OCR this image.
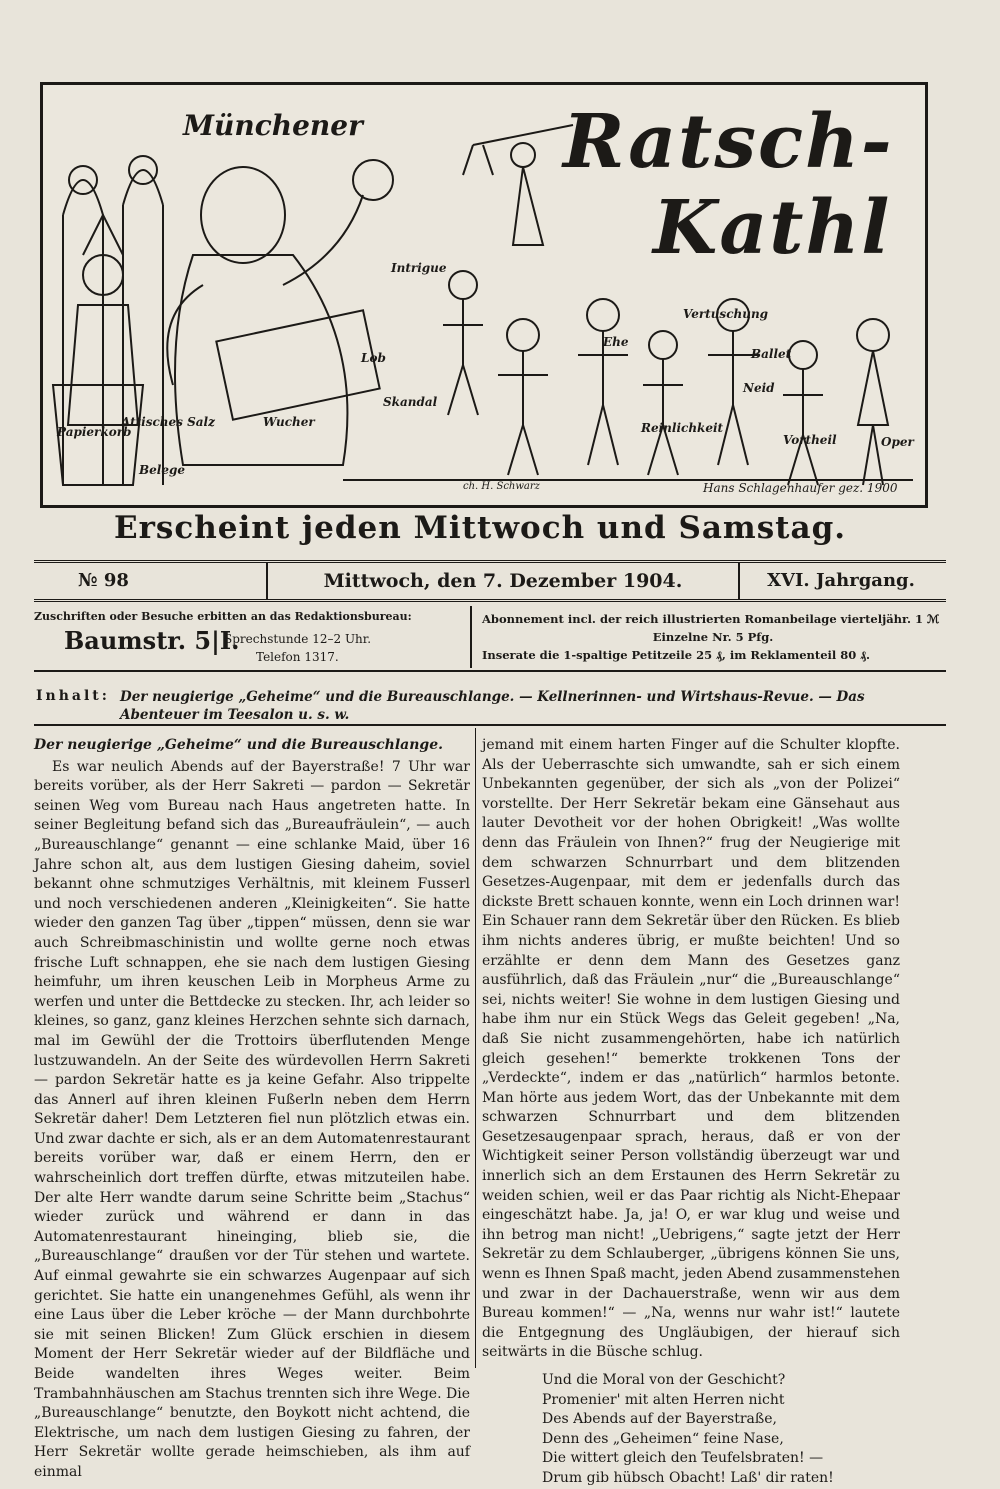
Münchener	Ratsch-
Kathl
Hans Schlagenhaufer gez. 1900
ch. H. Schwarz
Papierkorb
Attisches Salz
Belege
Wucher
Vertuschung
Ballet
Ehe
Reinlichkeit
Neid
Vortheil	Oper
Lob
Intrigue
Skandal
Erscheint jeden Mittwoch und Samstag.
№ 98	Mittwoch, den 7. Dezember 1904.	XVI. Jahrgang.
Zuschriften oder Besuche erbitten an das Redaktionsbureau:
Baumstr. 5|I.
Sprechstunde 12–2 Uhr.
Telefon 1317.
Abonnement incl. der reich illustrierten Romanbeilage vierteljähr. 1 ℳ
Einzelne Nr. 5 Pfg.
Inserate die 1-spaltige Petitzeile 25 ₰, im Reklamenteil 80 ₰.
Inhalt: Der neugierige „Geheime“ und die Bureauschlange. — Kellnerinnen- und Wirtshaus-Revue. — Das Abenteuer im Teesalon u. s. w.
Der neugierige „Geheime“ und die Bureauschlange.

Es war neulich Abends auf der Bayerstraße! 7 Uhr war bereits vorüber, als der Herr Sakreti — pardon — Sekretär seinen Weg vom Bureau nach Haus angetreten hatte. In seiner Begleitung befand sich das „Bureaufräulein“, — auch „Bureauschlange“ genannt — eine schlanke Maid, über 16 Jahre schon alt, aus dem lustigen Giesing daheim, soviel bekannt ohne schmutziges Verhältnis, mit kleinem Fusserl und noch verschiedenen anderen „Kleinigkeiten“. Sie hatte wieder den ganzen Tag über „tippen“ müssen, denn sie war auch Schreibmaschinistin und wollte gerne noch etwas frische Luft schnappen, ehe sie nach dem lustigen Giesing heimfuhr, um ihren keuschen Leib in Morpheus Arme zu werfen und unter die Bettdecke zu stecken. Ihr, ach leider so kleines, so ganz, ganz kleines Herzchen sehnte sich darnach, mal im Gewühl der die Trottoirs überflutenden Menge lustzuwandeln. An der Seite des würdevollen Herrn Sakreti — pardon Sekretär hatte es ja keine Gefahr. Also trippelte das Annerl auf ihren kleinen Fußerln neben dem Herrn Sekretär daher! Dem Letzteren fiel nun plötzlich etwas ein. Und zwar dachte er sich, als er an dem Automatenrestaurant bereits vorüber war, daß er einem Herrn, den er wahrscheinlich dort treffen dürfte, etwas mitzuteilen habe. Der alte Herr wandte darum seine Schritte beim „Stachus“ wieder zurück und während er dann in das Automatenrestaurant hineinging, blieb sie, die „Bureauschlange“ draußen vor der Tür stehen und wartete. Auf einmal gewahrte sie ein schwarzes Augenpaar auf sich gerichtet. Sie hatte ein unangenehmes Gefühl, als wenn ihr eine Laus über die Leber kröche — der Mann durchbohrte sie mit seinen Blicken! Zum Glück erschien in diesem Moment der Herr Sekretär wieder auf der Bildfläche und Beide wandelten ihres Weges weiter. Beim Trambahnhäuschen am Stachus trennten sich ihre Wege. Die „Bureauschlange“ benutzte, den Boykott nicht achtend, die Elektrische, um nach dem lustigen Giesing zu fahren, der Herr Sekretär wollte gerade heimschieben, als ihm auf einmal

jemand mit einem harten Finger auf die Schulter klopfte. Als der Ueberraschte sich umwandte, sah er sich einem Unbekannten gegenüber, der sich als „von der Polizei“ vorstellte. Der Herr Sekretär bekam eine Gänsehaut aus lauter Devotheit vor der hohen Obrigkeit! „Was wollte denn das Fräulein von Ihnen?“ frug der Neugierige mit dem schwarzen Schnurrbart und dem blitzenden Gesetzes-Augenpaar, mit dem er jedenfalls durch das dickste Brett schauen konnte, wenn ein Loch drinnen war! Ein Schauer rann dem Sekretär über den Rücken. Es blieb ihm nichts anderes übrig, er mußte beichten! Und so erzählte er denn dem Mann des Gesetzes ganz ausführlich, daß das Fräulein „nur“ die „Bureauschlange“ sei, nichts weiter! Sie wohne in dem lustigen Giesing und habe ihm nur ein Stück Wegs das Geleit gegeben! „Na, daß Sie nicht zusammengehörten, habe ich natürlich gleich gesehen!“ bemerkte trokkenen Tons der „Verdeckte“, indem er das „natürlich“ harmlos betonte. Man hörte aus jedem Wort, das der Unbekannte mit dem schwarzen Schnurrbart und dem blitzenden Gesetzesaugenpaar sprach, heraus, daß er von der Wichtigkeit seiner Person vollständig überzeugt war und innerlich sich an dem Erstaunen des Herrn Sekretär zu weiden schien, weil er das Paar richtig als Nicht-Ehepaar eingeschätzt habe. Ja, ja! O, er war klug und weise und ihn betrog man nicht! „Uebrigens,“ sagte jetzt der Herr Sekretär zu dem Schlauberger, „übrigens können Sie uns, wenn es Ihnen Spaß macht, jeden Abend zusammenstehen und zwar in der Dachauerstraße, wenn wir aus dem Bureau kommen!“ — „Na, wenns nur wahr ist!“ lautete die Entgegnung des Ungläubigen, der hierauf sich seitwärts in die Büsche schlug.

Und die Moral von der Geschicht?
Promenier' mit alten Herren nicht
Des Abends auf der Bayerstraße,
Denn des „Geheimen“ feine Nase,
Die wittert gleich den Teufelsbraten! —
Drum gib hübsch Obacht! Laß' dir raten!
